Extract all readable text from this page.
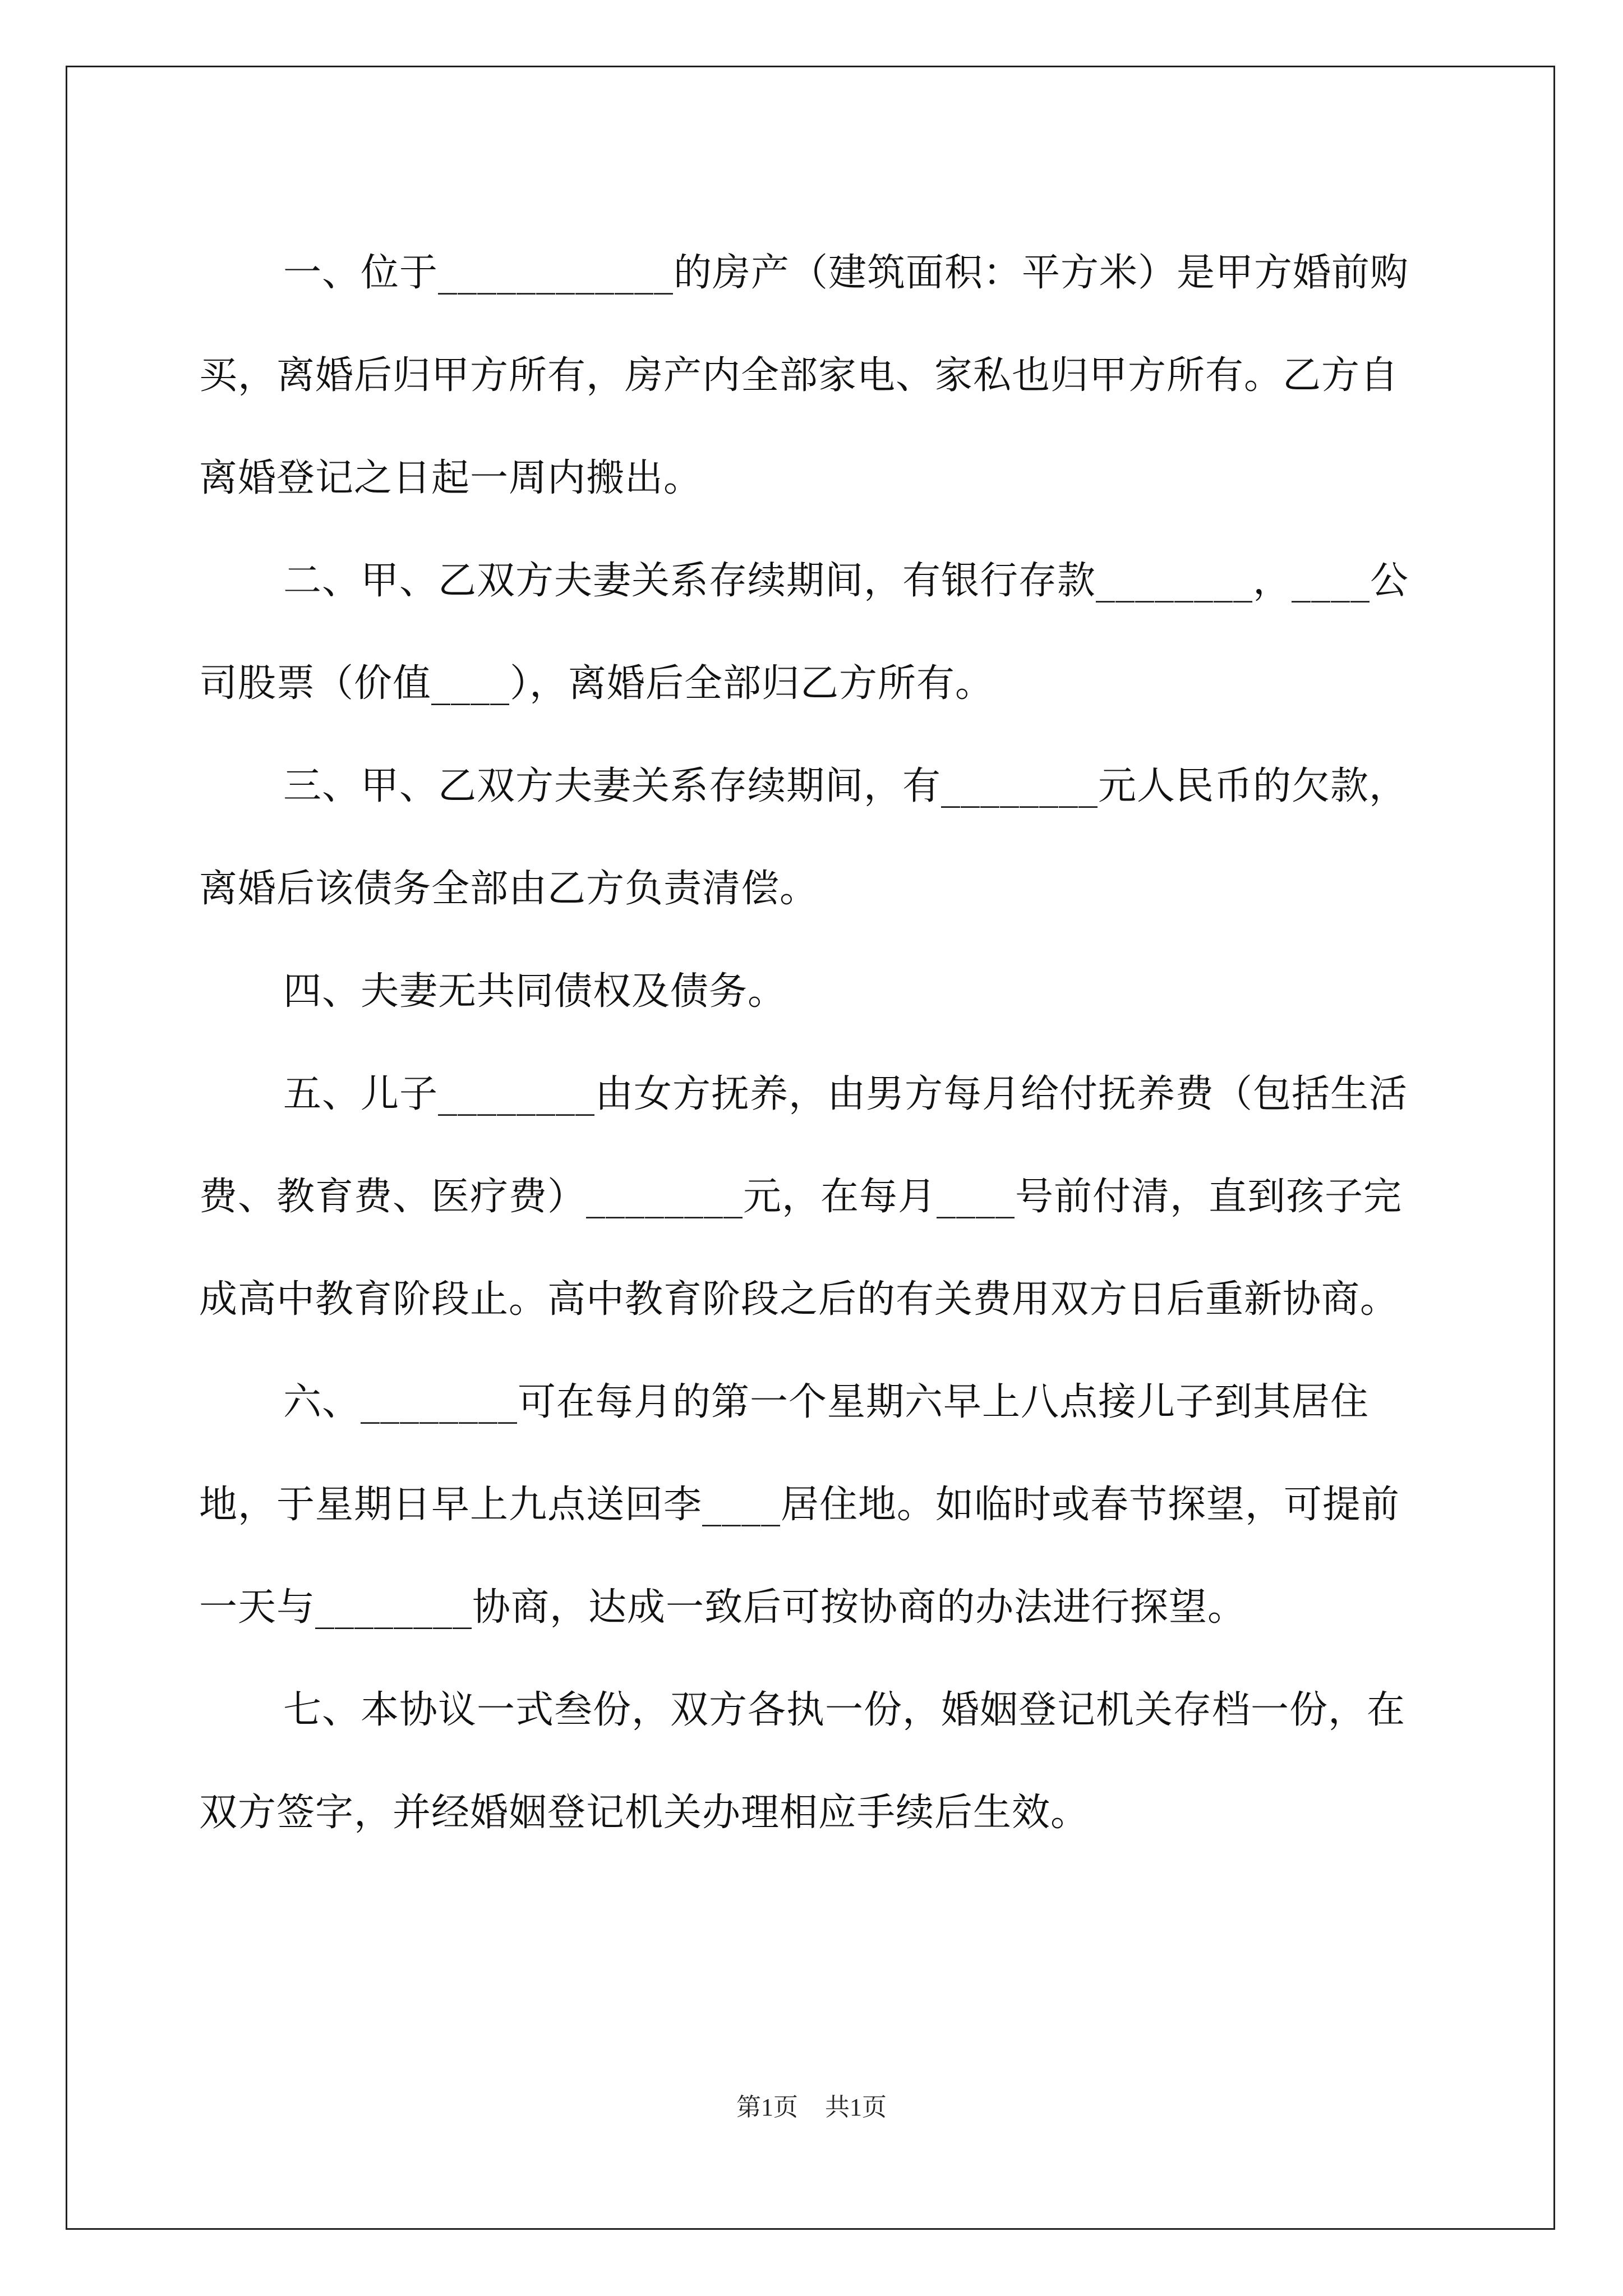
一、位于____________的房产（建筑面积：平方米）是甲方婚前购买，离婚后归甲方所有，房产内全部家电、家私也归甲方所有。乙方自离婚登记之日起一周内搬出。

二、甲、乙双方夫妻关系存续期间，有银行存款________，____公司股票（价值____），离婚后全部归乙方所有。

三、甲、乙双方夫妻关系存续期间，有________元人民币的欠款，离婚后该债务全部由乙方负责清偿。

四、夫妻无共同债权及债务。

五、儿子________由女方抚养，由男方每月给付抚养费（包括生活费、教育费、医疗费）________元，在每月____号前付清，直到孩子完成高中教育阶段止。高中教育阶段之后的有关费用双方日后重新协商。

六、________可在每月的第一个星期六早上八点接儿子到其居住地，于星期日早上九点送回李____居住地。如临时或春节探望，可提前一天与________协商，达成一致后可按协商的办法进行探望。

七、本协议一式叁份，双方各执一份，婚姻登记机关存档一份，在双方签字，并经婚姻登记机关办理相应手续后生效。

第1页 共1页
